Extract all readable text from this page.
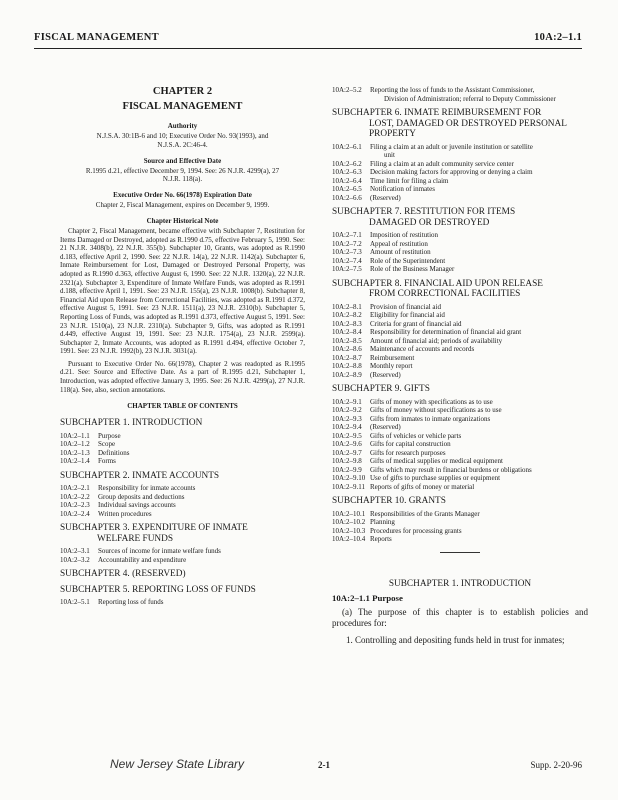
FISCAL MANAGEMENT	10A:2–1.1
CHAPTER 2
FISCAL MANAGEMENT
Authority
N.J.S.A. 30:1B-6 and 10; Executive Order No. 93(1993), and N.J.S.A. 2C:46-4.
Source and Effective Date
R.1995 d.21, effective December 9, 1994. See: 26 N.J.R. 4299(a), 27 N.J.R. 118(a).
Executive Order No. 66(1978) Expiration Date
Chapter 2, Fiscal Management, expires on December 9, 1999.
Chapter Historical Note

Chapter 2, Fiscal Management, became effective with Subchapter 7, Restitution for Items Damaged or Destroyed, adopted as R.1990 d.75, effective February 5, 1990. See: 21 N.J.R. 3408(b), 22 N.J.R. 355(b). Subchapter 10, Grants, was adopted as R.1990 d.183, effective April 2, 1990. See: 22 N.J.R. 14(a), 22 N.J.R. 1142(a). Subchapter 6, Inmate Reimbursement for Lost, Damaged or Destroyed Personal Property, was adopted as R.1990 d.363, effective August 6, 1990. See: 22 N.J.R. 1320(a), 22 N.J.R. 2321(a). Subchapter 3, Expenditure of Inmate Welfare Funds, was adopted as R.1991 d.188, effective April 1, 1991. See: 23 N.J.R. 155(a), 23 N.J.R. 1008(b). Subchapter 8, Financial Aid upon Release from Correctional Facilities, was adopted as R.1991 d.372, effective August 5, 1991. See: 23 N.J.R. 1511(a), 23 N.J.R. 2310(b). Subchapter 5, Reporting Loss of Funds, was adopted as R.1991 d.373, effective August 5, 1991. See: 23 N.J.R. 1510(a), 23 N.J.R. 2310(a). Subchapter 9, Gifts, was adopted as R.1991 d.449, effective August 19, 1991. See: 23 N.J.R. 1754(a), 23 N.J.R. 2599(a). Subchapter 2, Inmate Accounts, was adopted as R.1991 d.494, effective October 7, 1991. See: 23 N.J.R. 1992(b), 23 N.J.R. 3031(a).

Pursuant to Executive Order No. 66(1978), Chapter 2 was readopted as R.1995 d.21. See: Source and Effective Date. As a part of R.1995 d.21, Subchapter 1, Introduction, was adopted effective January 3, 1995. See: 26 N.J.R. 4299(a), 27 N.J.R. 118(a). See, also, section annotations.

CHAPTER TABLE OF CONTENTS
SUBCHAPTER 1. INTRODUCTION
10A:2–1.1	Purpose
10A:2–1.2	Scope
10A:2–1.3	Definitions
10A:2–1.4	Forms
SUBCHAPTER 2. INMATE ACCOUNTS
10A:2–2.1	Responsibility for inmate accounts
10A:2–2.2	Group deposits and deductions
10A:2–2.3	Individual savings accounts
10A:2–2.4	Written procedures
SUBCHAPTER 3. EXPENDITURE OF INMATE
WELFARE FUNDS
10A:2–3.1	Sources of income for inmate welfare funds
10A:2–3.2	Accountability and expenditure
SUBCHAPTER 4. (RESERVED)
SUBCHAPTER 5. REPORTING LOSS OF FUNDS
10A:2–5.1	Reporting loss of funds
10A:2–5.2	Reporting the loss of funds to the Assistant Commissioner,
Division of Administration; referral to Deputy Commissioner
SUBCHAPTER 6. INMATE REIMBURSEMENT FOR
LOST, DAMAGED OR DESTROYED PERSONAL PROPERTY
10A:2–6.1	Filing a claim at an adult or juvenile institution or satellite
unit
10A:2–6.2	Filing a claim at an adult community service center
10A:2–6.3	Decision making factors for approving or denying a claim
10A:2–6.4	Time limit for filing a claim
10A:2–6.5	Notification of inmates
10A:2–6.6	(Reserved)
SUBCHAPTER 7. RESTITUTION FOR ITEMS
DAMAGED OR DESTROYED
10A:2–7.1	Imposition of restitution
10A:2–7.2	Appeal of restitution
10A:2–7.3	Amount of restitution
10A:2–7.4	Role of the Superintendent
10A:2–7.5	Role of the Business Manager
SUBCHAPTER 8. FINANCIAL AID UPON RELEASE
FROM CORRECTIONAL FACILITIES
10A:2–8.1	Provision of financial aid
10A:2–8.2	Eligibility for financial aid
10A:2–8.3	Criteria for grant of financial aid
10A:2–8.4	Responsibility for determination of financial aid grant
10A:2–8.5	Amount of financial aid; periods of availability
10A:2–8.6	Maintenance of accounts and records
10A:2–8.7	Reimbursement
10A:2–8.8	Monthly report
10A:2–8.9	(Reserved)
SUBCHAPTER 9. GIFTS
10A:2–9.1	Gifts of money with specifications as to use
10A:2–9.2	Gifts of money without specifications as to use
10A:2–9.3	Gifts from inmates to inmate organizations
10A:2–9.4	(Reserved)
10A:2–9.5	Gifts of vehicles or vehicle parts
10A:2–9.6	Gifts for capital construction
10A:2–9.7	Gifts for research purposes
10A:2–9.8	Gifts of medical supplies or medical equipment
10A:2–9.9	Gifts which may result in financial burdens or obligations
10A:2–9.10 Use of gifts to purchase supplies or equipment
10A:2–9.11 Reports of gifts of money or material
SUBCHAPTER 10. GRANTS
10A:2–10.1 Responsibilities of the Grants Manager
10A:2–10.2 Planning
10A:2–10.3 Procedures for processing grants
10A:2–10.4 Reports
SUBCHAPTER 1. INTRODUCTION
10A:2–1.1 Purpose

(a) The purpose of this chapter is to establish policies and procedures for:

1. Controlling and depositing funds held in trust for inmates;

New Jersey State Library	2-1	Supp. 2-20-96
